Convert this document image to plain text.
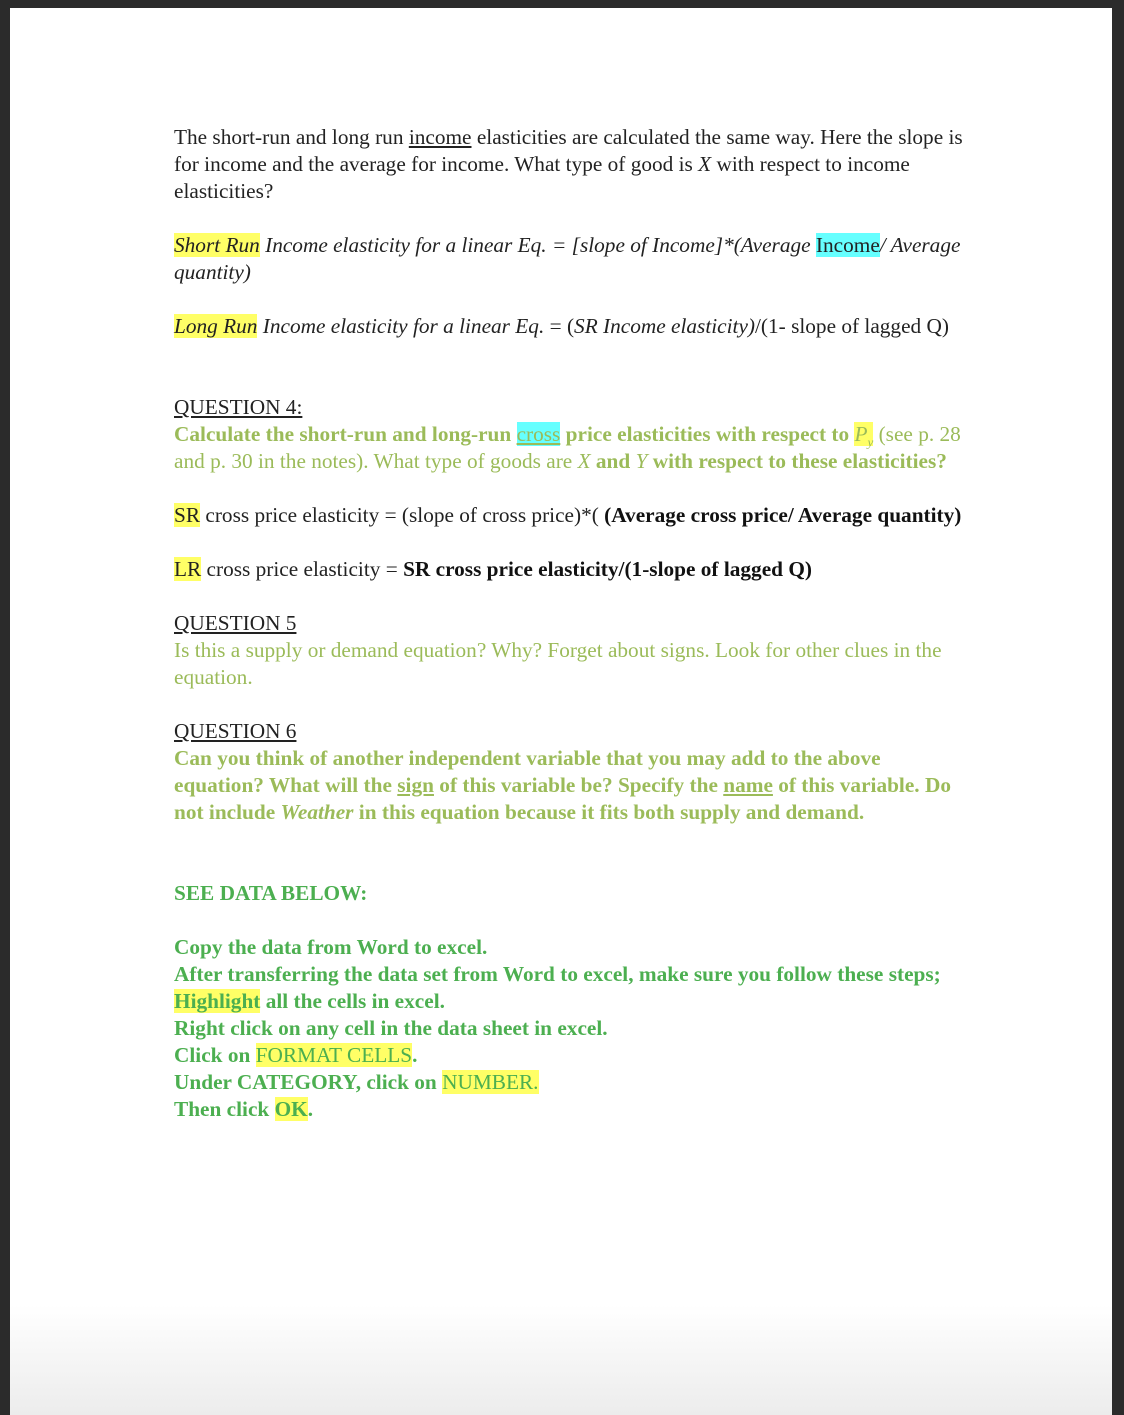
The short-run and long run income elasticities are calculated the same way. Here the slope is for income and the average for income. What type of good is X with respect to income elasticities?

Short Run Income elasticity for a linear Eq. = [slope of Income]*(Average Income/ Average quantity)

Long Run Income elasticity for a linear Eq. = (SR Income elasticity)/(1- slope of lagged Q)

QUESTION 4:

Calculate the short-run and long-run cross price elasticities with respect to $P_y$ (see p. 28 and p. 30 in the notes). What type of goods are X and Y with respect to these elasticities?

SR cross price elasticity = (slope of cross price)*( (Average cross price/ Average quantity)

LR cross price elasticity = SR cross price elasticity/(1-slope of lagged Q)

QUESTION 5

Is this a supply or demand equation? Why? Forget about signs. Look for other clues in the equation.

QUESTION 6

Can you think of another independent variable that you may add to the above equation? What will the sign of this variable be? Specify the name of this variable. Do not include Weather in this equation because it fits both supply and demand.

SEE DATA BELOW:

Copy the data from Word to excel.

After transferring the data set from Word to excel, make sure you follow these steps;

Highlight all the cells in excel.

Right click on any cell in the data sheet in excel.

Click on FORMAT CELLS.

Under CATEGORY, click on NUMBER.

Then click OK.
